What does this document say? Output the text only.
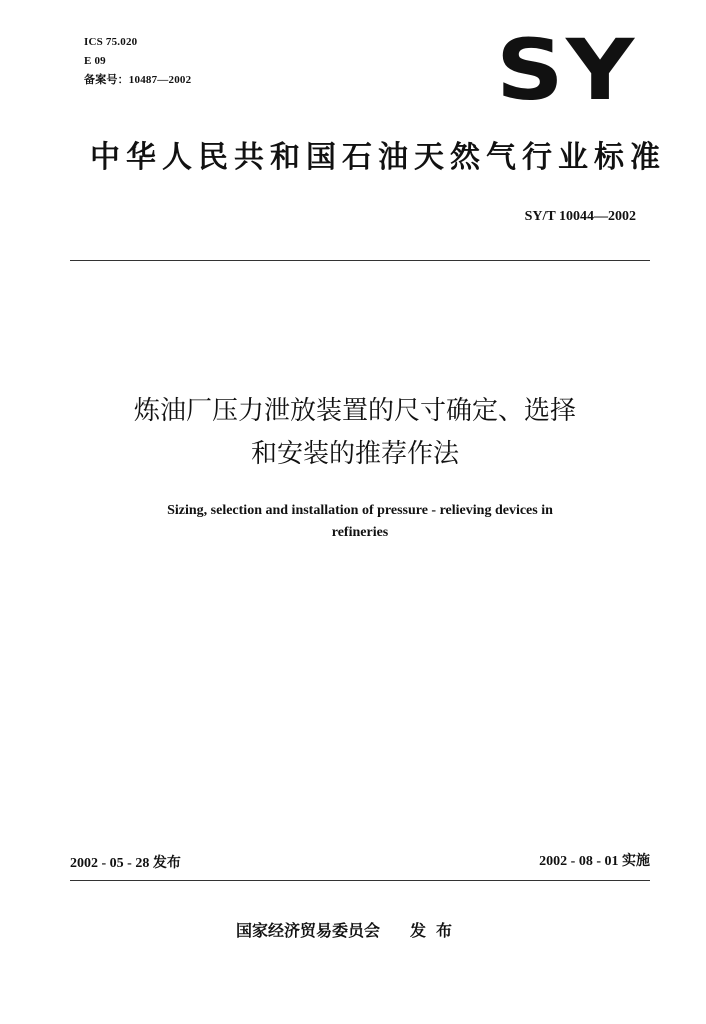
ICS 75.020
E 09
备案号：10487—2002	SY
中华人民共和国石油天然气行业标准
SY/T 10044—2002
炼油厂压力泄放装置的尺寸确定、选择
和安装的推荐作法
Sizing, selection and installation of pressure - relieving devices in
refineries
2002 - 05 - 28 发布	2002 - 08 - 01 实施
国家经济贸易委员会 发布
